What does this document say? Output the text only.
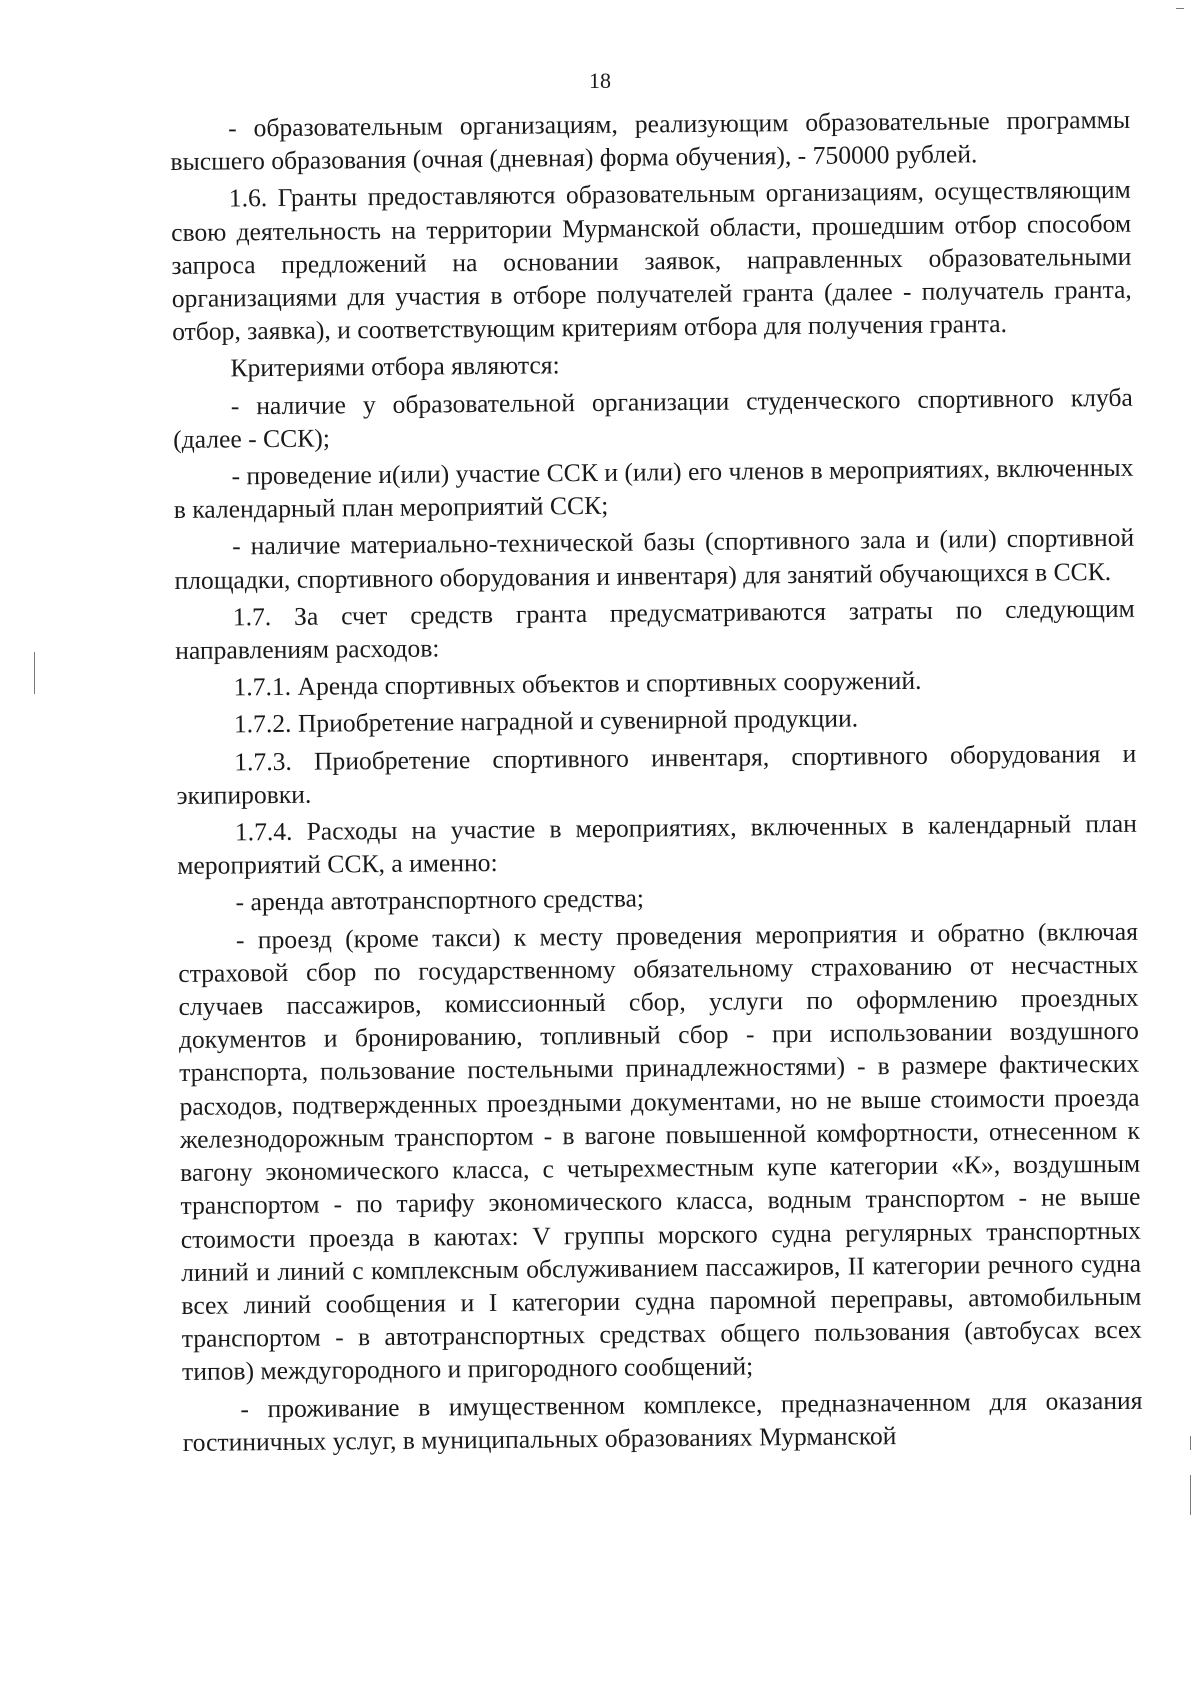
18

- образовательным организациям, реализующим образовательные программы высшего образования (очная (дневная) форма обучения), - 750000 рублей.

1.6. Гранты предоставляются образовательным организациям, осуществляющим свою деятельность на территории Мурманской области, прошедшим отбор способом запроса предложений на основании заявок, направленных образовательными организациями для участия в отборе получателей гранта (далее - получатель гранта, отбор, заявка), и соответствующим критериям отбора для получения гранта.

Критериями отбора являются:

- наличие у образовательной организации студенческого спортивного клуба (далее - ССК);

- проведение и(или) участие ССК и (или) его членов в мероприятиях, включенных в календарный план мероприятий ССК;

- наличие материально-технической базы (спортивного зала и (или) спортивной площадки, спортивного оборудования и инвентаря) для занятий обучающихся в ССК.

1.7. За счет средств гранта предусматриваются затраты по следующим направлениям расходов:

1.7.1. Аренда спортивных объектов и спортивных сооружений.

1.7.2. Приобретение наградной и сувенирной продукции.

1.7.3. Приобретение спортивного инвентаря, спортивного оборудования и экипировки.

1.7.4. Расходы на участие в мероприятиях, включенных в календарный план мероприятий ССК, а именно:

- аренда автотранспортного средства;

- проезд (кроме такси) к месту проведения мероприятия и обратно (включая страховой сбор по государственному обязательному страхованию от несчастных случаев пассажиров, комиссионный сбор, услуги по оформлению проездных документов и бронированию, топливный сбор - при использовании воздушного транспорта, пользование постельными принадлежностями) - в размере фактических расходов, подтвержденных проездными документами, но не выше стоимости проезда железнодорожным транспортом - в вагоне повышенной комфортности, отнесенном к вагону экономического класса, с четырехместным купе категории «К», воздушным транспортом - по тарифу экономического класса, водным транспортом - не выше стоимости проезда в каютах: V группы морского судна регулярных транспортных линий и линий с комплексным обслуживанием пассажиров, II категории речного судна всех линий сообщения и I категории судна паромной переправы, автомобильным транспортом - в автотранспортных средствах общего пользования (автобусах всех типов) междугородного и пригородного сообщений;

- проживание в имущественном комплексе, предназначенном для оказания гостиничных услуг, в муниципальных образованиях Мурманской
